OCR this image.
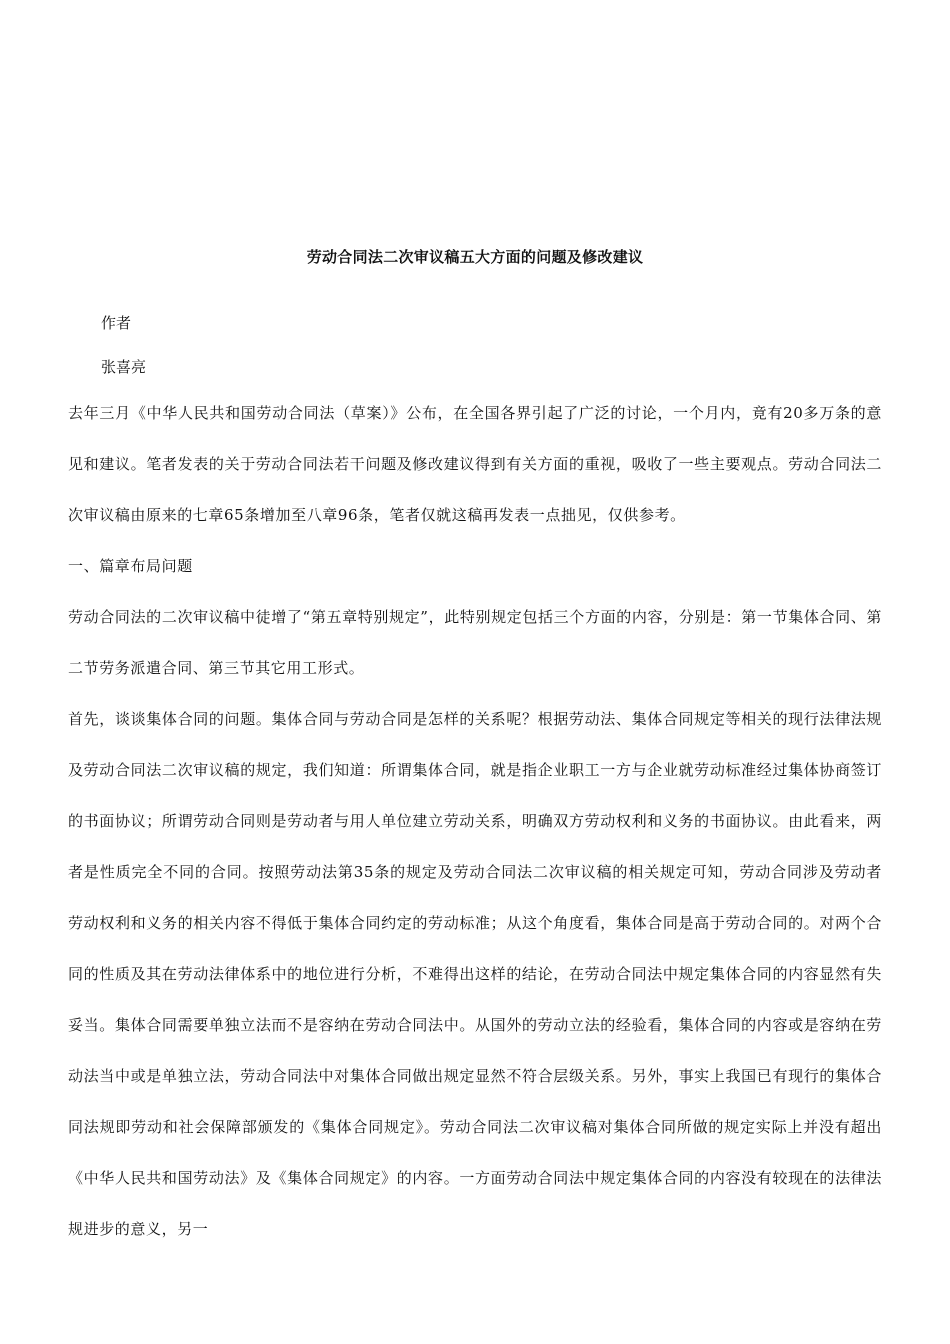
劳动合同法二次审议稿五大方面的问题及修改建议
作者
张喜亮

去年三月《中华人民共和国劳动合同法（草案）》公布，在全国各界引起了广泛的讨论，一个月内，竟有20多万条的意见和建议。笔者发表的关于劳动合同法若干问题及修改建议得到有关方面的重视，吸收了一些主要观点。劳动合同法二次审议稿由原来的七章65条增加至八章96条，笔者仅就这稿再发表一点拙见，仅供参考。

一、篇章布局问题

劳动合同法的二次审议稿中徒增了“第五章特别规定”，此特别规定包括三个方面的内容，分别是：第一节集体合同、第二节劳务派遣合同、第三节其它用工形式。

首先，谈谈集体合同的问题。集体合同与劳动合同是怎样的关系呢？根据劳动法、集体合同规定等相关的现行法律法规及劳动合同法二次审议稿的规定，我们知道：所谓集体合同，就是指企业职工一方与企业就劳动标准经过集体协商签订的书面协议；所谓劳动合同则是劳动者与用人单位建立劳动关系，明确双方劳动权利和义务的书面协议。由此看来，两者是性质完全不同的合同。按照劳动法第35条的规定及劳动合同法二次审议稿的相关规定可知，劳动合同涉及劳动者劳动权利和义务的相关内容不得低于集体合同约定的劳动标准；从这个角度看，集体合同是高于劳动合同的。对两个合同的性质及其在劳动法律体系中的地位进行分析，不难得出这样的结论，在劳动合同法中规定集体合同的内容显然有失妥当。集体合同需要单独立法而不是容纳在劳动合同法中。从国外的劳动立法的经验看，集体合同的内容或是容纳在劳动法当中或是单独立法，劳动合同法中对集体合同做出规定显然不符合层级关系。另外，事实上我国已有现行的集体合同法规即劳动和社会保障部颁发的《集体合同规定》。劳动合同法二次审议稿对集体合同所做的规定实际上并没有超出《中华人民共和国劳动法》及《集体合同规定》的内容。一方面劳动合同法中规定集体合同的内容没有较现在的法律法规进步的意义，另一
